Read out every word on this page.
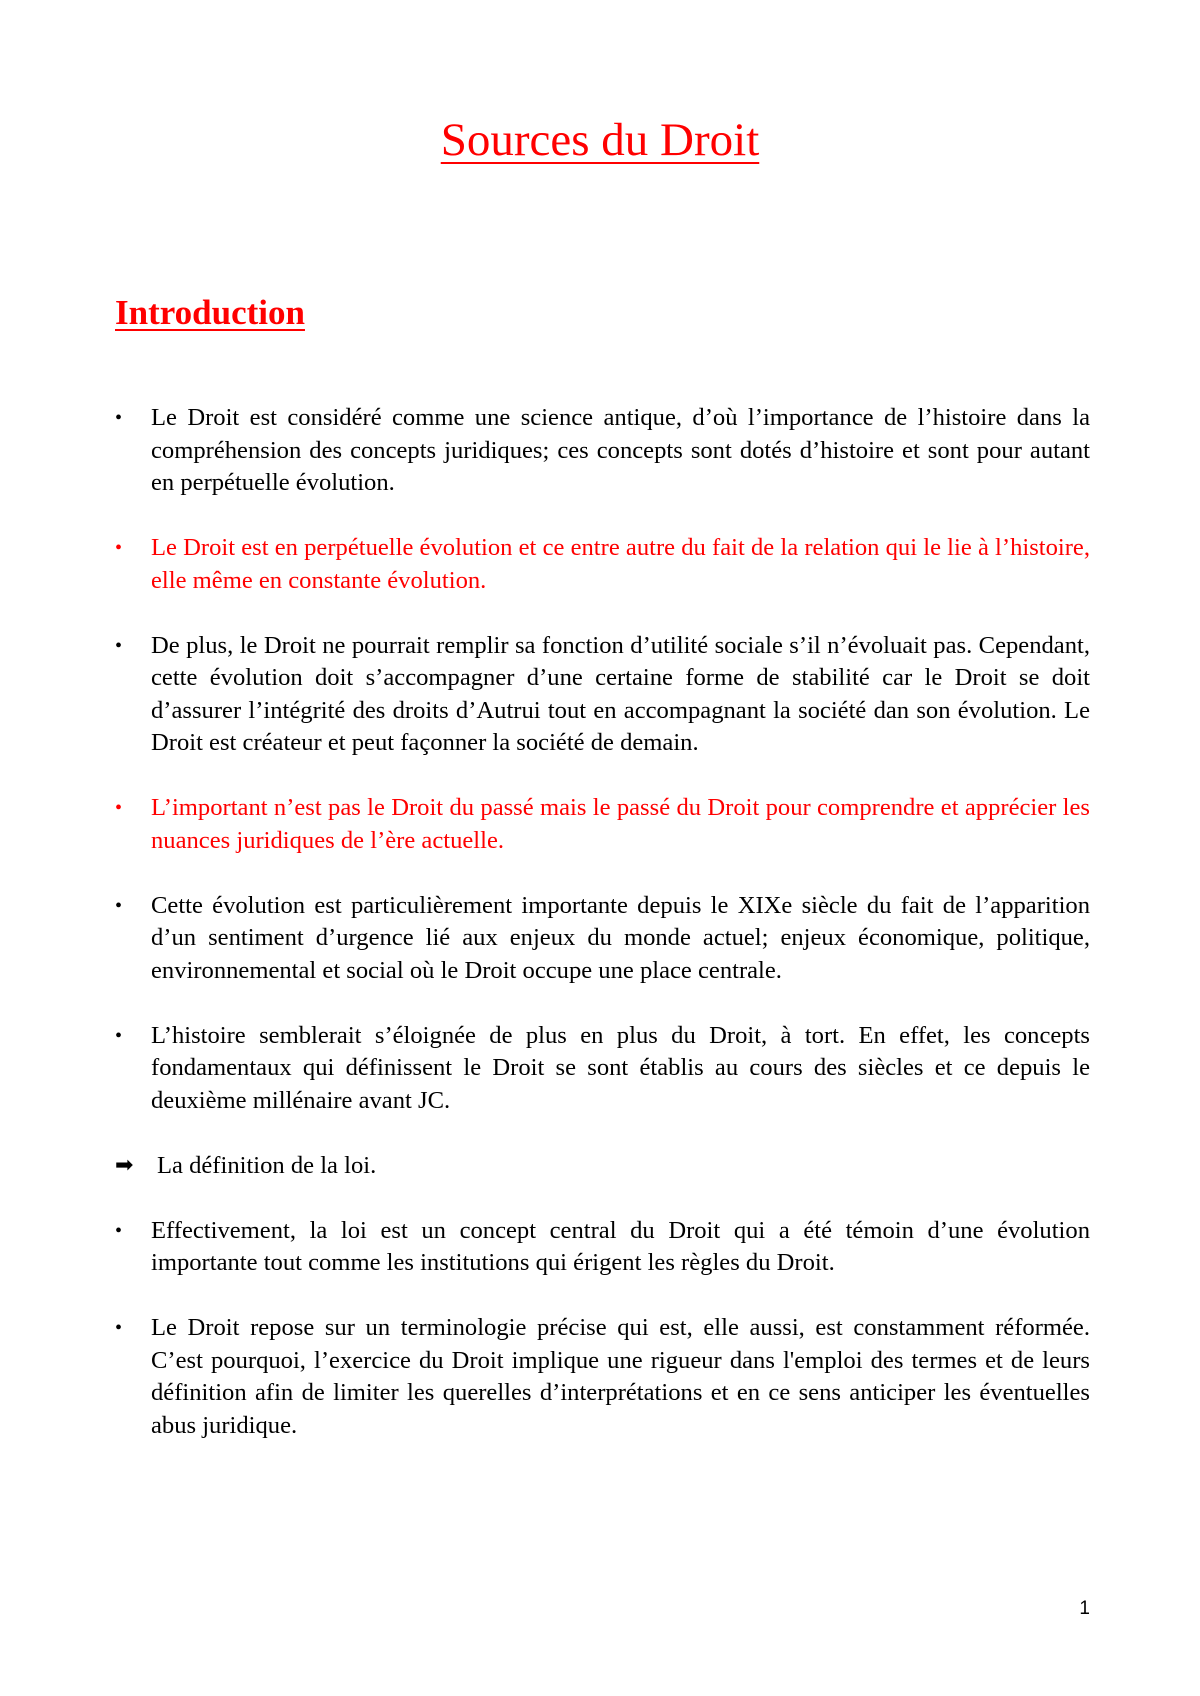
Sources du Droit
Introduction
•	Le Droit est considéré comme une science antique, d’où l’importance de l’histoire dans la compréhension des concepts juridiques; ces concepts sont dotés d’histoire et sont pour autant en perpétuelle évolution.
•	Le Droit est en perpétuelle évolution et ce entre autre du fait de la relation qui le lie à l’histoire, elle même en constante évolution.
•	De plus, le Droit ne pourrait remplir sa fonction d’utilité sociale s’il n’évoluait pas. Cependant, cette évolution doit s’accompagner d’une certaine forme de stabilité car le Droit se doit d’assurer l’intégrité des droits d’Autrui tout en accompagnant la société dan son évolution. Le Droit est créateur et peut façonner la société de demain.
•	L’important n’est pas le Droit du passé mais le passé du Droit pour comprendre et apprécier les nuances juridiques de l’ère actuelle.
•	Cette évolution est particulièrement importante depuis le XIXe siècle du fait de l’apparition d’un sentiment d’urgence lié aux enjeux du monde actuel; enjeux économique, politique, environnemental et social où le Droit occupe une place centrale.
•	L’histoire semblerait s’éloignée de plus en plus du Droit, à tort. En effet, les concepts fondamentaux qui définissent le Droit se sont établis au cours des siècles et ce depuis le deuxième millénaire avant JC.
➡ La définition de la loi.
•	Effectivement, la loi est un concept central du Droit qui a été témoin d’une évolution importante tout comme les institutions qui érigent les règles du Droit.
•	Le Droit repose sur un terminologie précise qui est, elle aussi, est constamment réformée. C’est pourquoi, l’exercice du Droit implique une rigueur dans l'emploi des termes et de leurs définition afin de limiter les querelles d’interprétations et en ce sens anticiper les éventuelles abus juridique.
1
